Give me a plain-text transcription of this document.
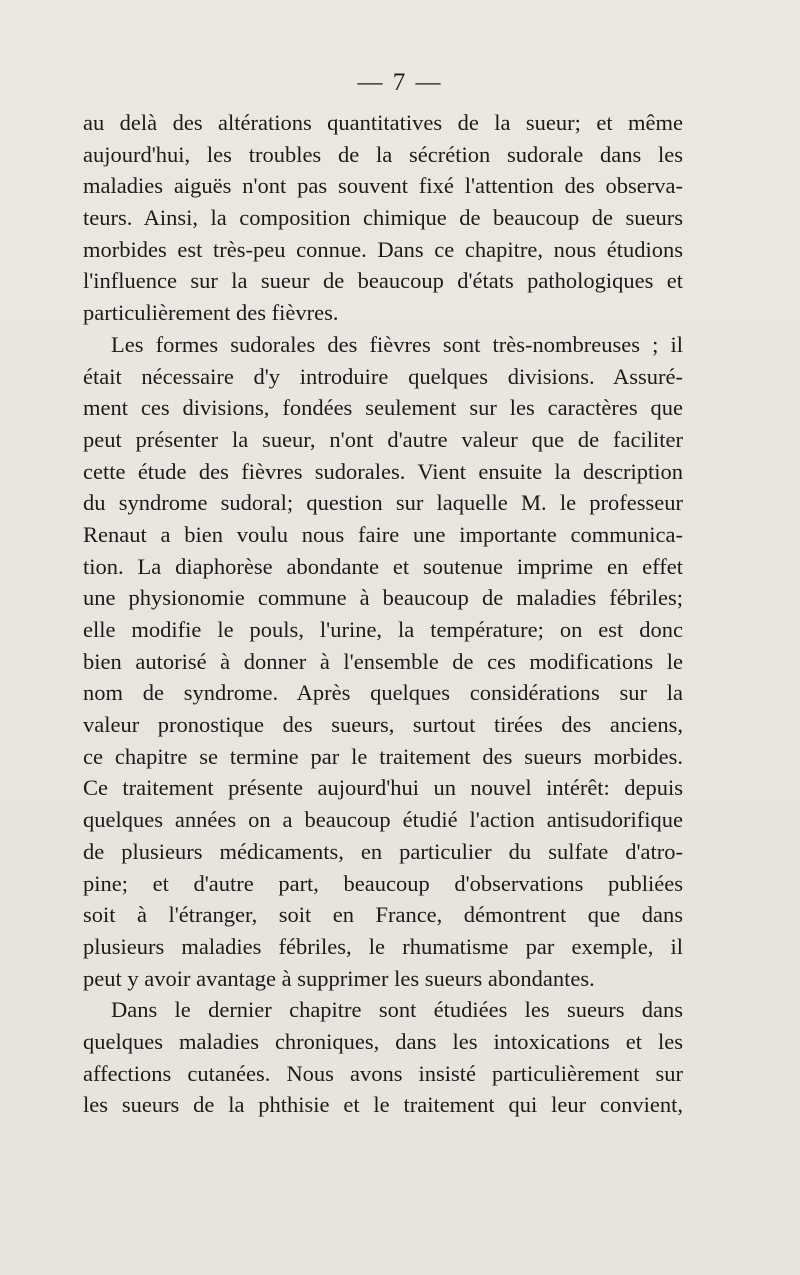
— 7 —
au delà des altérations quantitatives de la sueur; et même
aujourd'hui, les troubles de la sécrétion sudorale dans les
maladies aiguës n'ont pas souvent fixé l'attention des observa-
teurs. Ainsi, la composition chimique de beaucoup de sueurs
morbides est très-peu connue. Dans ce chapitre, nous étudions
l'influence sur la sueur de beaucoup d'états pathologiques et
particulièrement des fièvres.
Les formes sudorales des fièvres sont très-nombreuses ; il
était nécessaire d'y introduire quelques divisions. Assuré-
ment ces divisions, fondées seulement sur les caractères que
peut présenter la sueur, n'ont d'autre valeur que de faciliter
cette étude des fièvres sudorales. Vient ensuite la description
du syndrome sudoral; question sur laquelle M. le professeur
Renaut a bien voulu nous faire une importante communica-
tion. La diaphorèse abondante et soutenue imprime en effet
une physionomie commune à beaucoup de maladies fébriles;
elle modifie le pouls, l'urine, la température; on est donc
bien autorisé à donner à l'ensemble de ces modifications le
nom de syndrome. Après quelques considérations sur la
valeur pronostique des sueurs, surtout tirées des anciens,
ce chapitre se termine par le traitement des sueurs morbides.
Ce traitement présente aujourd'hui un nouvel intérêt: depuis
quelques années on a beaucoup étudié l'action antisudorifique
de plusieurs médicaments, en particulier du sulfate d'atro-
pine; et d'autre part, beaucoup d'observations publiées
soit à l'étranger, soit en France, démontrent que dans
plusieurs maladies fébriles, le rhumatisme par exemple, il
peut y avoir avantage à supprimer les sueurs abondantes.
Dans le dernier chapitre sont étudiées les sueurs dans
quelques maladies chroniques, dans les intoxications et les
affections cutanées. Nous avons insisté particulièrement sur
les sueurs de la phthisie et le traitement qui leur convient,
